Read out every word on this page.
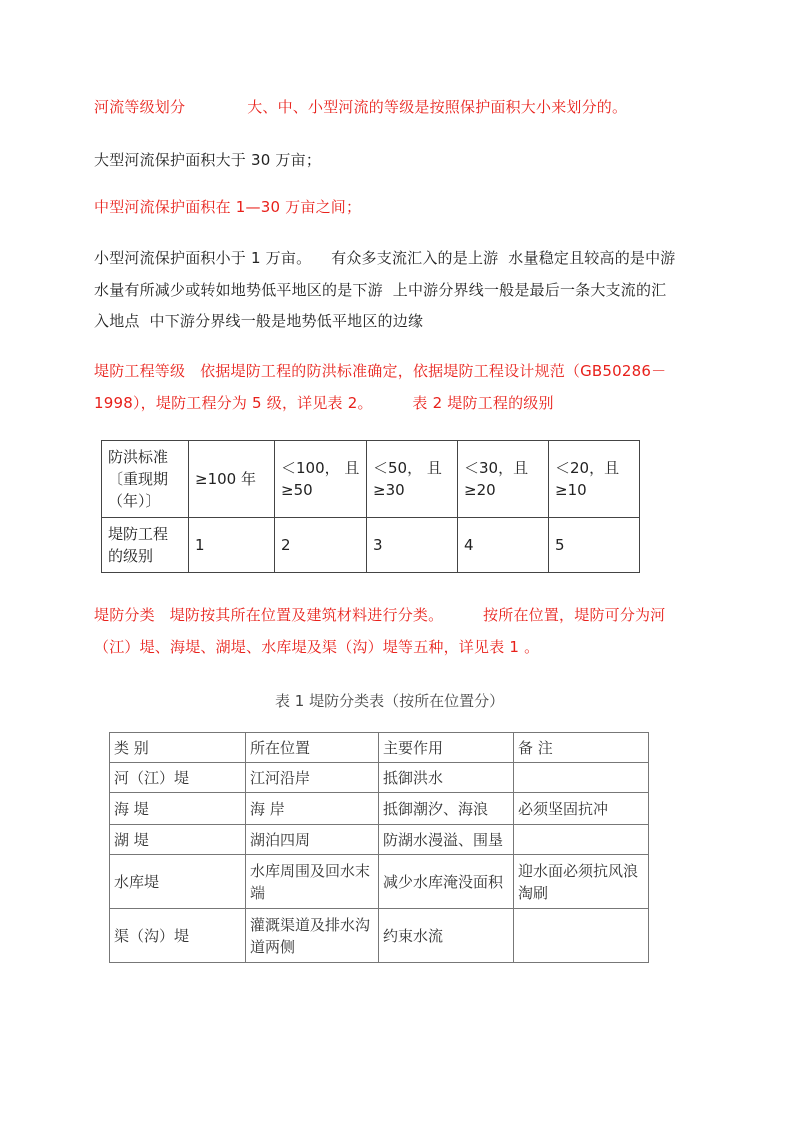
河流等级划分	大、中、小型河流的等级是按照保护面积大小来划分的。
大型河流保护面积大于 30 万亩；
中型河流保护面积在 1—30 万亩之间；
小型河流保护面积小于 1 万亩。    有众多支流汇入的是上游  水量稳定且较高的是中游
水量有所减少或转如地势低平地区的是下游  上中游分界线一般是最后一条大支流的汇
入地点  中下游分界线一般是地势低平地区的边缘
堤防工程等级   依据堤防工程的防洪标准确定，依据堤防工程设计规范（GB50286－
1998），堤防工程分为 5 级，详见表 2。        表 2 堤防工程的级别
防洪标准〔重现期（年）〕	≥100 年	＜100， 且≥50	＜50， 且≥30	＜30，且≥20	＜20，且≥10
堤防工程的级别	1	2	3	4	5
堤防分类   堤防按其所在位置及建筑材料进行分类。        按所在位置，堤防可分为河
（江）堤、海堤、湖堤、水库堤及渠（沟）堤等五种，详见表 1 。
表 1 堤防分类表（按所在位置分）
类 别	所在位置	主要作用	备 注
河（江）堤	江河沿岸	抵御洪水	
海 堤	海 岸	抵御潮汐、海浪	必须坚固抗冲
湖 堤	湖泊四周	防湖水漫溢、围垦	
水库堤	水库周围及回水末端	减少水库淹没面积	迎水面必须抗风浪淘刷
渠（沟）堤	灌溉渠道及排水沟道两侧	约束水流	
